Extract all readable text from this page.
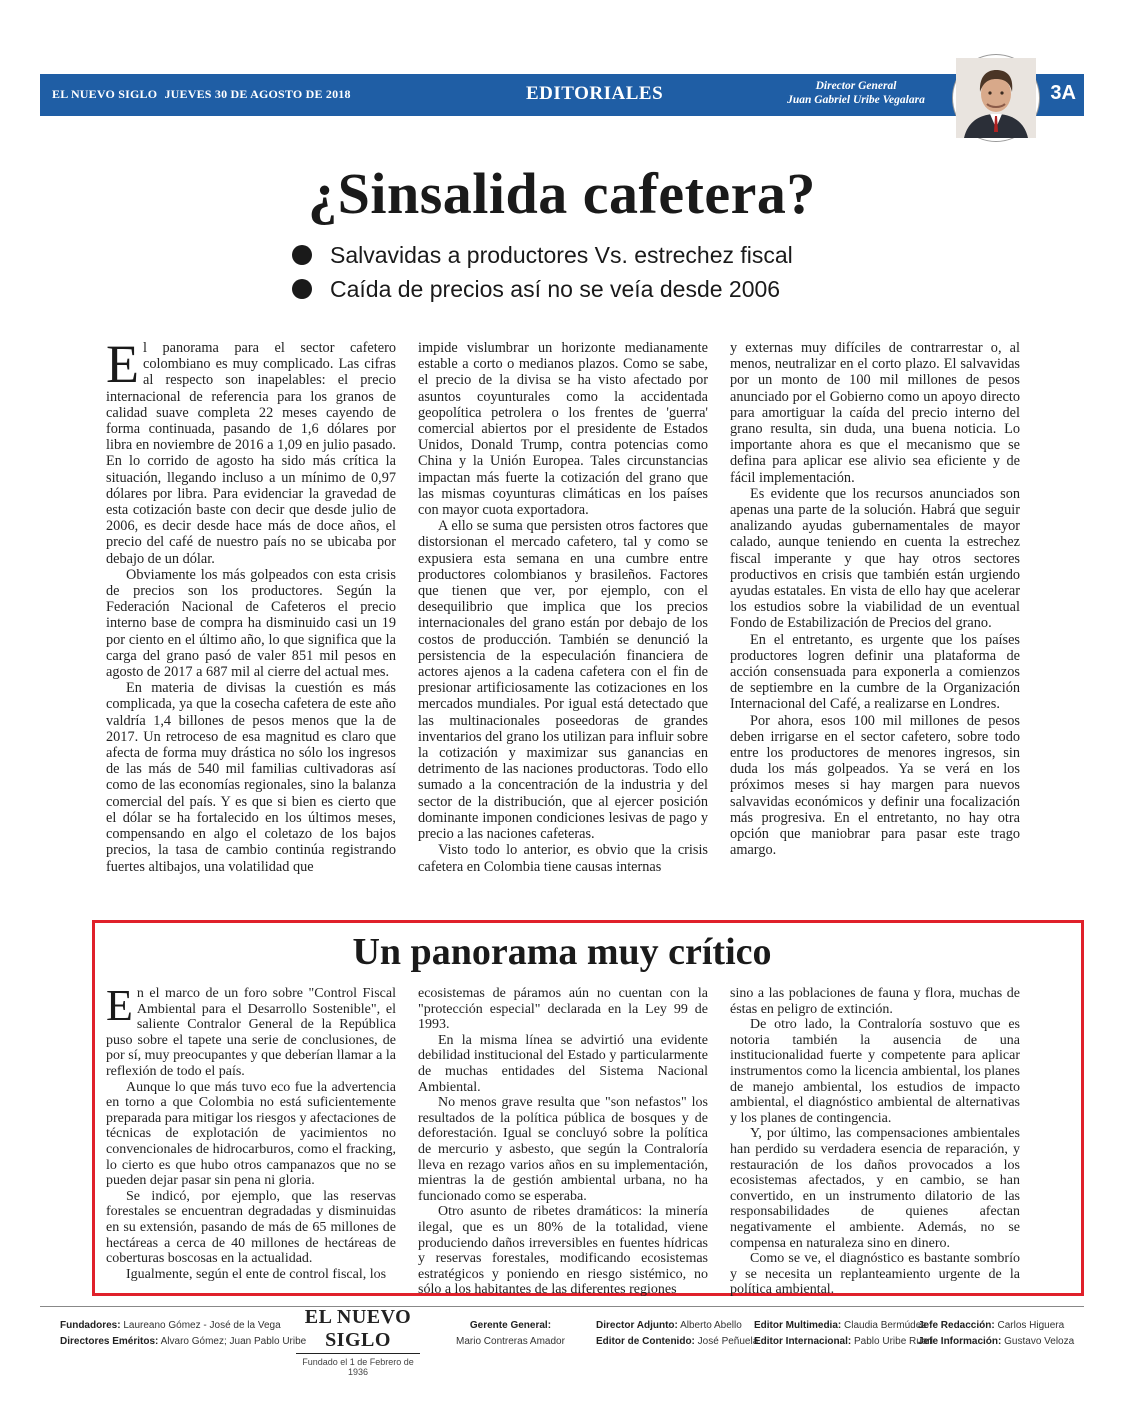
EL NUEVO SIGLO JUEVES 30 DE AGOSTO DE 2018	EDITORIALES	Director General
Juan Gabriel Uribe Vegalara	3A
¿Sinsalida cafetera?
Salvavidas a productores Vs. estrechez fiscal
Caída de precios así no se veía desde 2006

El panorama para el sector cafetero colombiano es muy complicado. Las cifras al respecto son inapelables: el precio internacional de referencia para los granos de calidad suave completa 22 meses cayendo de forma continuada, pasando de 1,6 dólares por libra en noviembre de 2016 a 1,09 en julio pasado. En lo corrido de agosto ha sido más crítica la situación, llegando incluso a un mínimo de 0,97 dólares por libra. Para evidenciar la gravedad de esta cotización baste con decir que desde julio de 2006, es decir desde hace más de doce años, el precio del café de nuestro país no se ubicaba por debajo de un dólar.

Obviamente los más golpeados con esta crisis de precios son los productores. Según la Federación Nacional de Cafeteros el precio interno base de compra ha disminuido casi un 19 por ciento en el último año, lo que significa que la carga del grano pasó de valer 851 mil pesos en agosto de 2017 a 687 mil al cierre del actual mes.

En materia de divisas la cuestión es más complicada, ya que la cosecha cafetera de este año valdría 1,4 billones de pesos menos que la de 2017. Un retroceso de esa magnitud es claro que afecta de forma muy drástica no sólo los ingresos de las más de 540 mil familias cultivadoras así como de las economías regionales, sino la balanza comercial del país. Y es que si bien es cierto que el dólar se ha fortalecido en los últimos meses, compensando en algo el coletazo de los bajos precios, la tasa de cambio continúa registrando fuertes altibajos, una volatilidad que

impide vislumbrar un horizonte medianamente estable a corto o medianos plazos. Como se sabe, el precio de la divisa se ha visto afectado por asuntos coyunturales como la accidentada geopolítica petrolera o los frentes de 'guerra' comercial abiertos por el presidente de Estados Unidos, Donald Trump, contra potencias como China y la Unión Europea. Tales circunstancias impactan más fuerte la cotización del grano que las mismas coyunturas climáticas en los países con mayor cuota exportadora.

A ello se suma que persisten otros factores que distorsionan el mercado cafetero, tal y como se expusiera esta semana en una cumbre entre productores colombianos y brasileños. Factores que tienen que ver, por ejemplo, con el desequilibrio que implica que los precios internacionales del grano están por debajo de los costos de producción. También se denunció la persistencia de la especulación financiera de actores ajenos a la cadena cafetera con el fin de presionar artificiosamente las cotizaciones en los mercados mundiales. Por igual está detectado que las multinacionales poseedoras de grandes inventarios del grano los utilizan para influir sobre la cotización y maximizar sus ganancias en detrimento de las naciones productoras. Todo ello sumado a la concentración de la industria y del sector de la distribución, que al ejercer posición dominante imponen condiciones lesivas de pago y precio a las naciones cafeteras.

Visto todo lo anterior, es obvio que la crisis cafetera en Colombia tiene causas internas

y externas muy difíciles de contrarrestar o, al menos, neutralizar en el corto plazo. El salvavidas por un monto de 100 mil millones de pesos anunciado por el Gobierno como un apoyo directo para amortiguar la caída del precio interno del grano resulta, sin duda, una buena noticia. Lo importante ahora es que el mecanismo que se defina para aplicar ese alivio sea eficiente y de fácil implementación.

Es evidente que los recursos anunciados son apenas una parte de la solución. Habrá que seguir analizando ayudas gubernamentales de mayor calado, aunque teniendo en cuenta la estrechez fiscal imperante y que hay otros sectores productivos en crisis que también están urgiendo ayudas estatales. En vista de ello hay que acelerar los estudios sobre la viabilidad de un eventual Fondo de Estabilización de Precios del grano.

En el entretanto, es urgente que los países productores logren definir una plataforma de acción consensuada para exponerla a comienzos de septiembre en la cumbre de la Organización Internacional del Café, a realizarse en Londres.

Por ahora, esos 100 mil millones de pesos deben irrigarse en el sector cafetero, sobre todo entre los productores de menores ingresos, sin duda los más golpeados. Ya se verá en los próximos meses si hay margen para nuevos salvavidas económicos y definir una focalización más progresiva. En el entretanto, no hay otra opción que maniobrar para pasar este trago amargo.

Un panorama muy crítico

En el marco de un foro sobre "Control Fiscal Ambiental para el Desarrollo Sostenible", el saliente Contralor General de la República puso sobre el tapete una serie de conclusiones, de por sí, muy preocupantes y que deberían llamar a la reflexión de todo el país.

Aunque lo que más tuvo eco fue la advertencia en torno a que Colombia no está suficientemente preparada para mitigar los riesgos y afectaciones de técnicas de explotación de yacimientos no convencionales de hidrocarburos, como el fracking, lo cierto es que hubo otros campanazos que no se pueden dejar pasar sin pena ni gloria.

Se indicó, por ejemplo, que las reservas forestales se encuentran degradadas y disminuidas en su extensión, pasando de más de 65 millones de hectáreas a cerca de 40 millones de hectáreas de coberturas boscosas en la actualidad.

Igualmente, según el ente de control fiscal, los

ecosistemas de páramos aún no cuentan con la "protección especial" declarada en la Ley 99 de 1993.

En la misma línea se advirtió una evidente debilidad institucional del Estado y particularmente de muchas entidades del Sistema Nacional Ambiental.

No menos grave resulta que "son nefastos" los resultados de la política pública de bosques y de deforestación. Igual se concluyó sobre la política de mercurio y asbesto, que según la Contraloría lleva en rezago varios años en su implementación, mientras la de gestión ambiental urbana, no ha funcionado como se esperaba.

Otro asunto de ribetes dramáticos: la minería ilegal, que es un 80% de la totalidad, viene produciendo daños irreversibles en fuentes hídricas y reservas forestales, modificando ecosistemas estratégicos y poniendo en riesgo sistémico, no sólo a los habitantes de las diferentes regiones

sino a las poblaciones de fauna y flora, muchas de éstas en peligro de extinción.

De otro lado, la Contraloría sostuvo que es notoria también la ausencia de una institucionalidad fuerte y competente para aplicar instrumentos como la licencia ambiental, los planes de manejo ambiental, los estudios de impacto ambiental, el diagnóstico ambiental de alternativas y los planes de contingencia.

Y, por último, las compensaciones ambientales han perdido su verdadera esencia de reparación, y restauración de los daños provocados a los ecosistemas afectados, y en cambio, se han convertido, en un instrumento dilatorio de las responsabilidades de quienes afectan negativamente el ambiente. Además, no se compensa en naturaleza sino en dinero.

Como se ve, el diagnóstico es bastante sombrío y se necesita un replanteamiento urgente de la política ambiental.

Fundadores: Laureano Gómez - José de la Vega
Directores Eméritos: Alvaro Gómez; Juan Pablo Uribe
EL NUEVO SIGLO
Fundado el 1 de Febrero de 1936
Gerente General:
Mario Contreras Amador
Director Adjunto: Alberto Abello
Editor de Contenido: José Peñuela
Editor Multimedia: Claudia Bermúdez
Editor Internacional: Pablo Uribe Ruan
Jefe Redacción: Carlos Higuera
Jefe Información: Gustavo Veloza
